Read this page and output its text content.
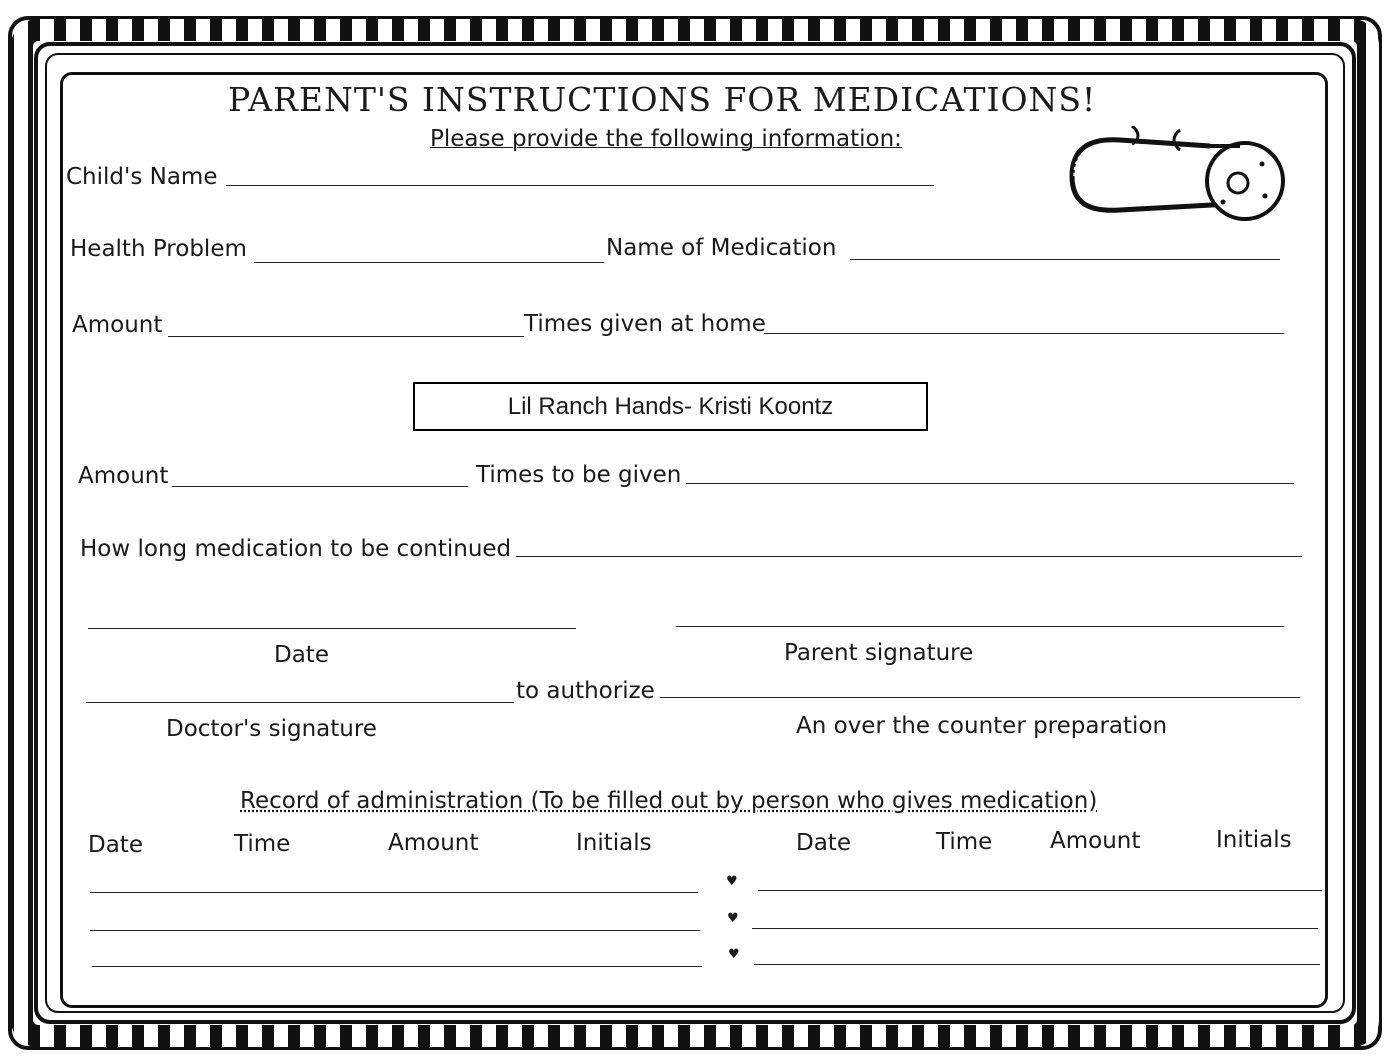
PARENT'S INSTRUCTIONS FOR MEDICATIONS!
Please provide the following information:
Child's Name
Health Problem	Name of Medication
Amount	Times given at home
Lil Ranch Hands- Kristi Koontz
Amount	Times to be given
How long medication to be continued
Date	Parent signature
to authorize
Doctor's signature	An over the counter preparation
Record of administration (To be filled out by person who gives medication)
Date	Time	Amount	Initials	Date	Time	Amount	Initials
♥
♥
♥
